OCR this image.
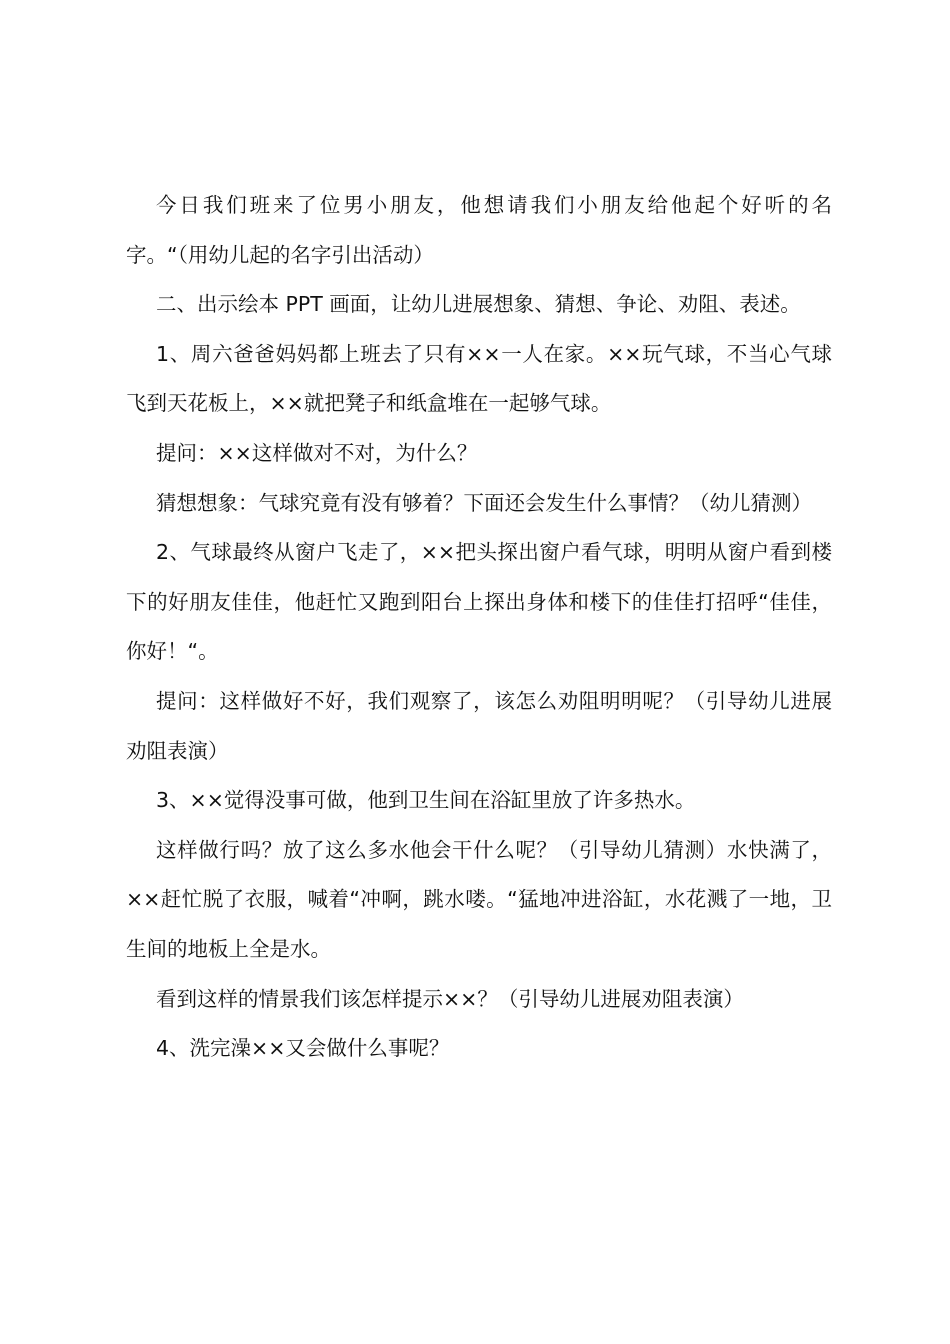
今日我们班来了位男小朋友，他想请我们小朋友给他起个好听的名字。“（用幼儿起的名字引出活动）

二、出示绘本 PPT 画面，让幼儿进展想象、猜想、争论、劝阻、表述。

1、周六爸爸妈妈都上班去了只有××一人在家。××玩气球，不当心气球飞到天花板上，××就把凳子和纸盒堆在一起够气球。

提问：××这样做对不对，为什么？

猜想想象：气球究竟有没有够着？下面还会发生什么事情？（幼儿猜测）

2、气球最终从窗户飞走了，××把头探出窗户看气球，明明从窗户看到楼下的好朋友佳佳，他赶忙又跑到阳台上探出身体和楼下的佳佳打招呼“佳佳，你好！“。

提问：这样做好不好，我们观察了，该怎么劝阻明明呢？（引导幼儿进展劝阻表演）

3、××觉得没事可做，他到卫生间在浴缸里放了许多热水。

这样做行吗？放了这么多水他会干什么呢？（引导幼儿猜测）水快满了，××赶忙脱了衣服，喊着“冲啊，跳水喽。“猛地冲进浴缸，水花溅了一地，卫生间的地板上全是水。

看到这样的情景我们该怎样提示××？（引导幼儿进展劝阻表演）

4、洗完澡××又会做什么事呢？
